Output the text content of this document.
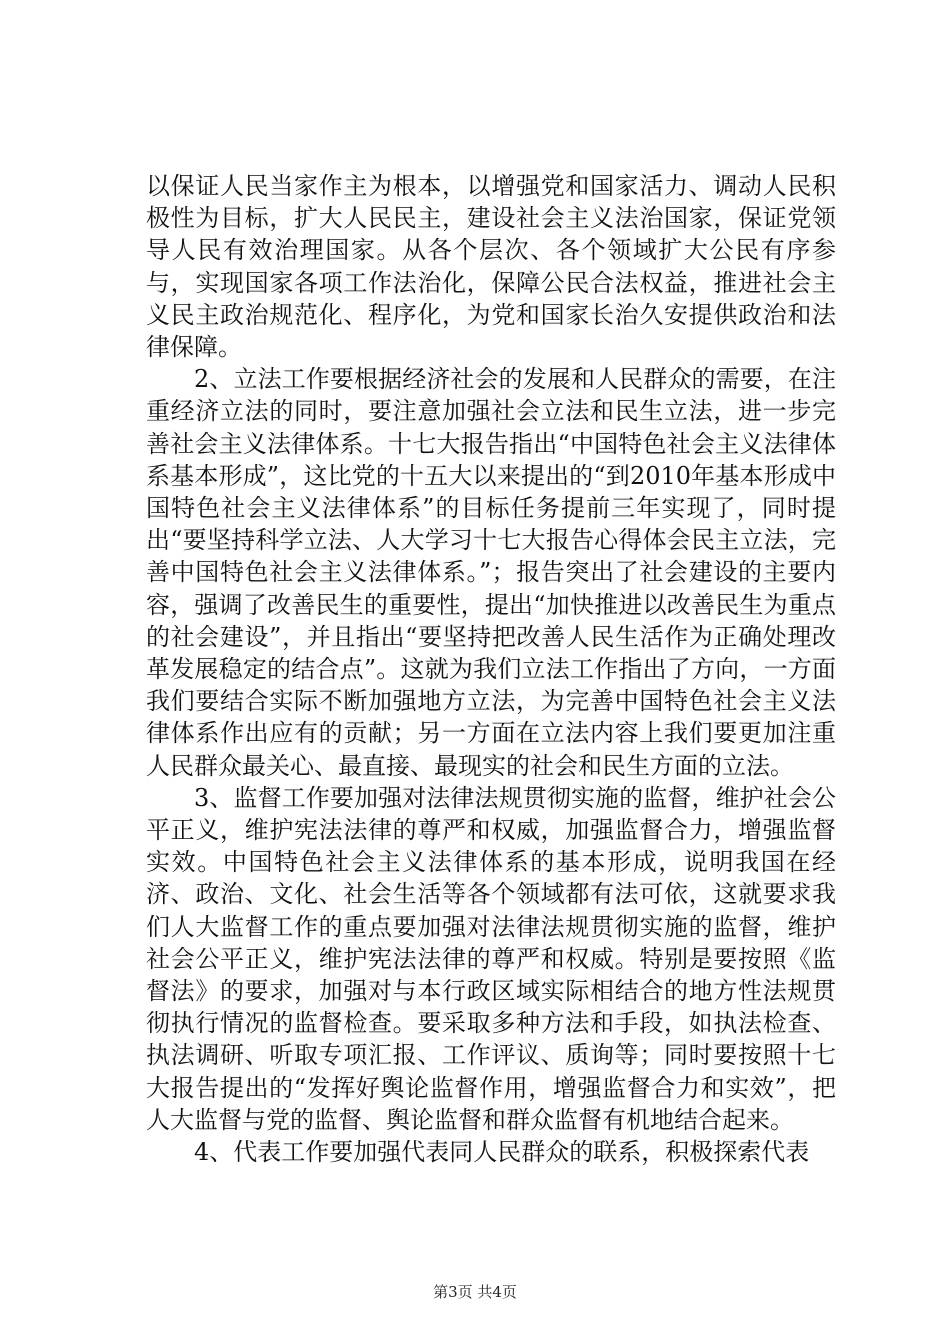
以保证人民当家作主为根本，以增强党和国家活力、调动人民积极性为目标，扩大人民民主，建设社会主义法治国家，保证党领导人民有效治理国家。从各个层次、各个领域扩大公民有序参与，实现国家各项工作法治化，保障公民合法权益，推进社会主义民主政治规范化、程序化，为党和国家长治久安提供政治和法律保障。

2、立法工作要根据经济社会的发展和人民群众的需要，在注重经济立法的同时，要注意加强社会立法和民生立法，进一步完善社会主义法律体系。十七大报告指出“中国特色社会主义法律体系基本形成”，这比党的十五大以来提出的“到2010年基本形成中国特色社会主义法律体系”的目标任务提前三年实现了，同时提出“要坚持科学立法、人大学习十七大报告心得体会民主立法，完善中国特色社会主义法律体系。”；报告突出了社会建设的主要内容，强调了改善民生的重要性，提出“加快推进以改善民生为重点的社会建设”，并且指出“要坚持把改善人民生活作为正确处理改革发展稳定的结合点”。这就为我们立法工作指出了方向，一方面我们要结合实际不断加强地方立法，为完善中国特色社会主义法律体系作出应有的贡献；另一方面在立法内容上我们要更加注重人民群众最关心、最直接、最现实的社会和民生方面的立法。

3、监督工作要加强对法律法规贯彻实施的监督，维护社会公平正义，维护宪法法律的尊严和权威，加强监督合力，增强监督实效。中国特色社会主义法律体系的基本形成，说明我国在经济、政治、文化、社会生活等各个领域都有法可依，这就要求我们人大监督工作的重点要加强对法律法规贯彻实施的监督，维护社会公平正义，维护宪法法律的尊严和权威。特别是要按照《监督法》的要求，加强对与本行政区域实际相结合的地方性法规贯彻执行情况的监督检查。要采取多种方法和手段，如执法检查、执法调研、听取专项汇报、工作评议、质询等；同时要按照十七大报告提出的“发挥好舆论监督作用，增强监督合力和实效”，把人大监督与党的监督、舆论监督和群众监督有机地结合起来。

4、代表工作要加强代表同人民群众的联系，积极探索代表

第3页 共4页
